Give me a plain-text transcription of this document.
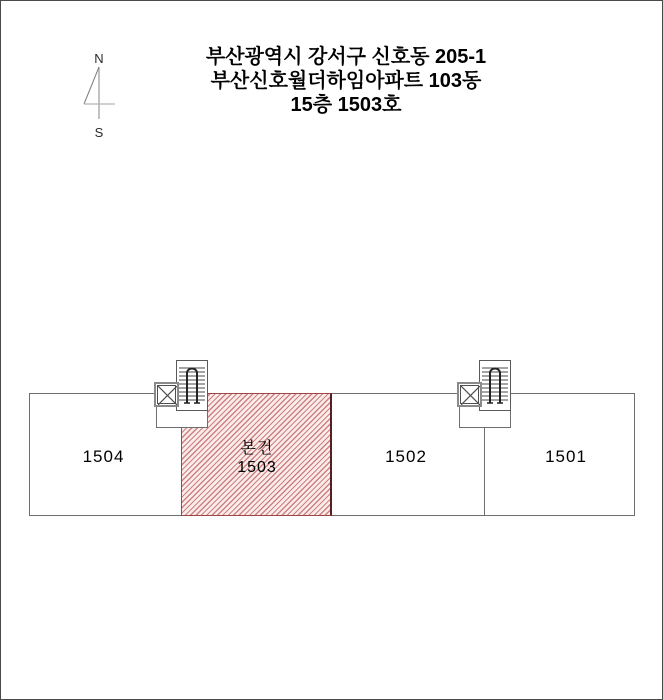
N
S
부산광역시 강서구 신호동 205-1
부산신호월더하임아파트 103동
15층 1503호
1504	본건
1503
1502	1501
